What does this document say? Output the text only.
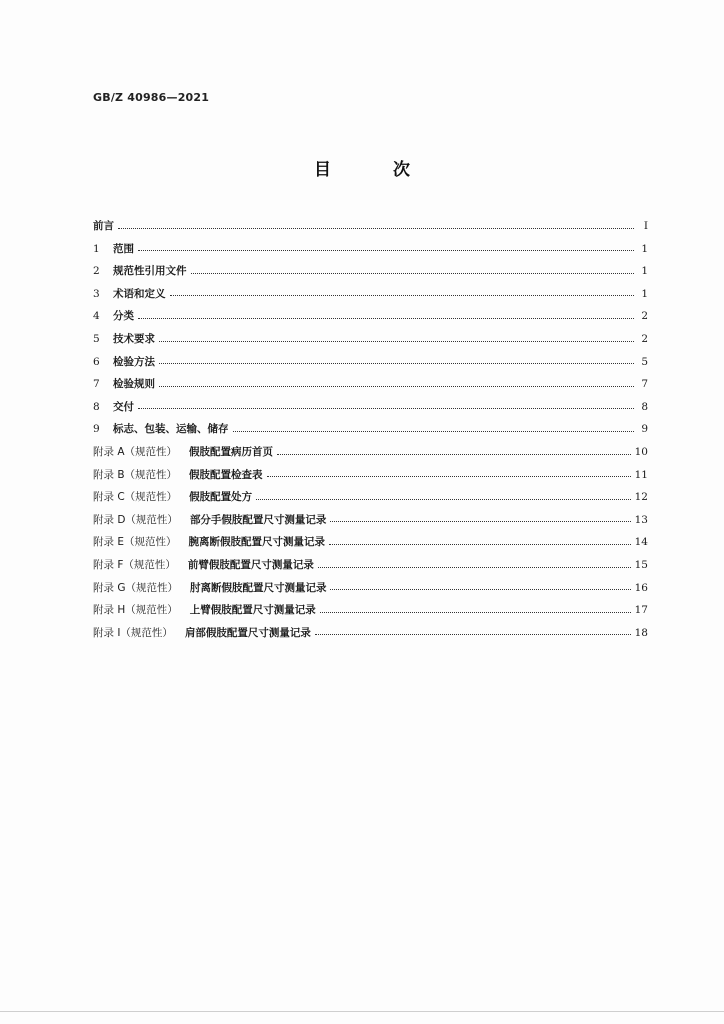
GB/Z 40986—2021
目 次
前言	I
1	范围	1
2	规范性引用文件	1
3	术语和定义	1
4	分类	2
5	技术要求	2
6	检验方法	5
7	检验规则	7
8	交付	8
9	标志、包装、运输、储存	9
附录 A（规范性） 假肢配置病历首页	10
附录 B（规范性） 假肢配置检查表	11
附录 C（规范性） 假肢配置处方	12
附录 D（规范性） 部分手假肢配置尺寸测量记录	13
附录 E（规范性） 腕离断假肢配置尺寸测量记录	14
附录 F（规范性） 前臂假肢配置尺寸测量记录	15
附录 G（规范性） 肘离断假肢配置尺寸测量记录	16
附录 H（规范性） 上臂假肢配置尺寸测量记录	17
附录 I（规范性） 肩部假肢配置尺寸测量记录	18
